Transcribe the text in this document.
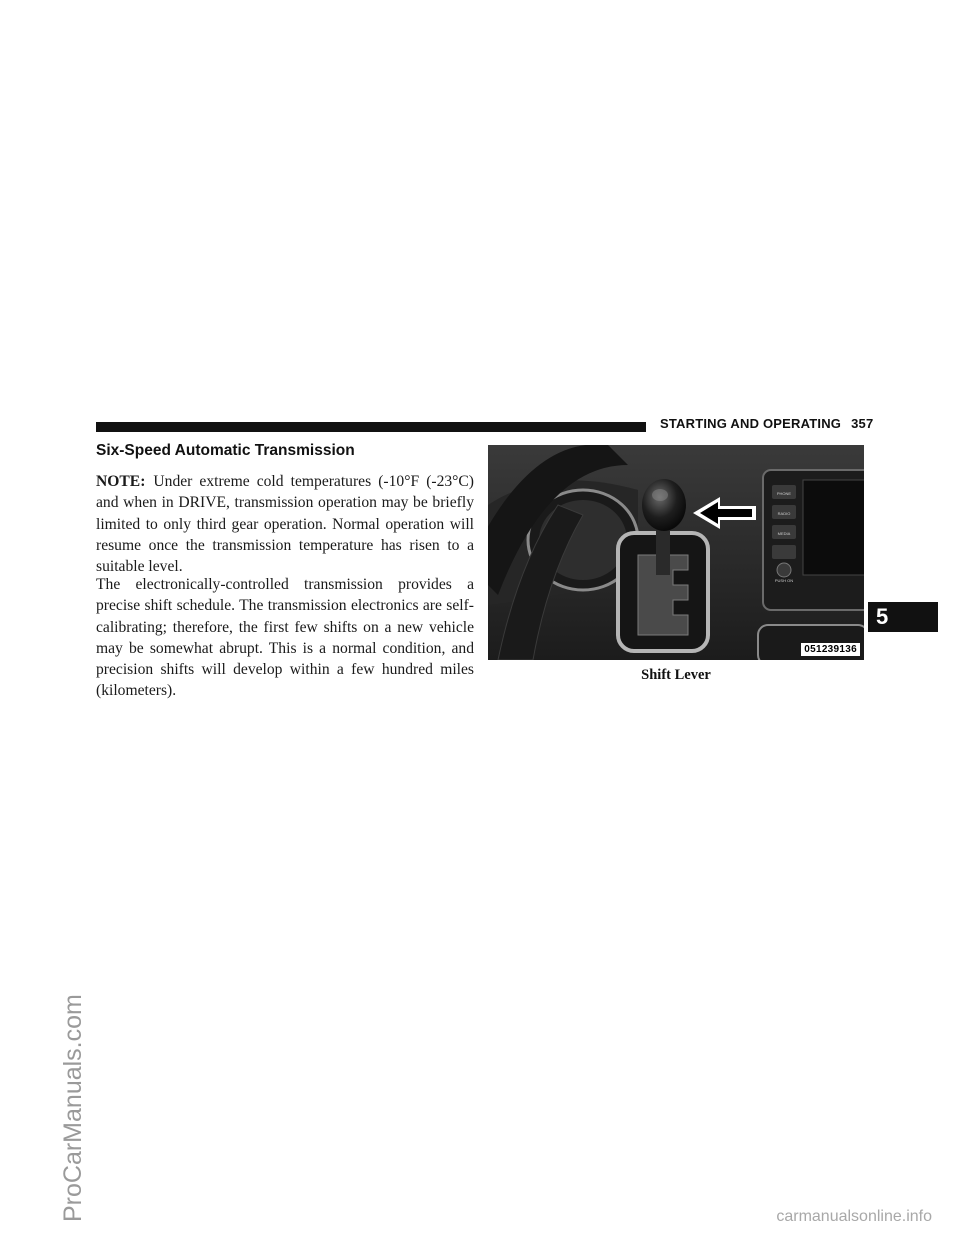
STARTING AND OPERATING 357
Six-Speed Automatic Transmission

NOTE: Under extreme cold temperatures (-10°F (-23°C) and when in DRIVE, transmission operation may be briefly limited to only third gear operation. Normal operation will resume once the transmission temperature has risen to a suitable level.

The electronically-controlled transmission provides a precise shift schedule. The transmission electronics are self-calibrating; therefore, the first few shifts on a new vehicle may be somewhat abrupt. This is a normal condition, and precision shifts will develop within a few hundred miles (kilometers).

RADIO
MEDIA
PHONE
PUSH ON
051239136
Shift Lever
5
ProCarManuals.com	carmanualsonline.info
